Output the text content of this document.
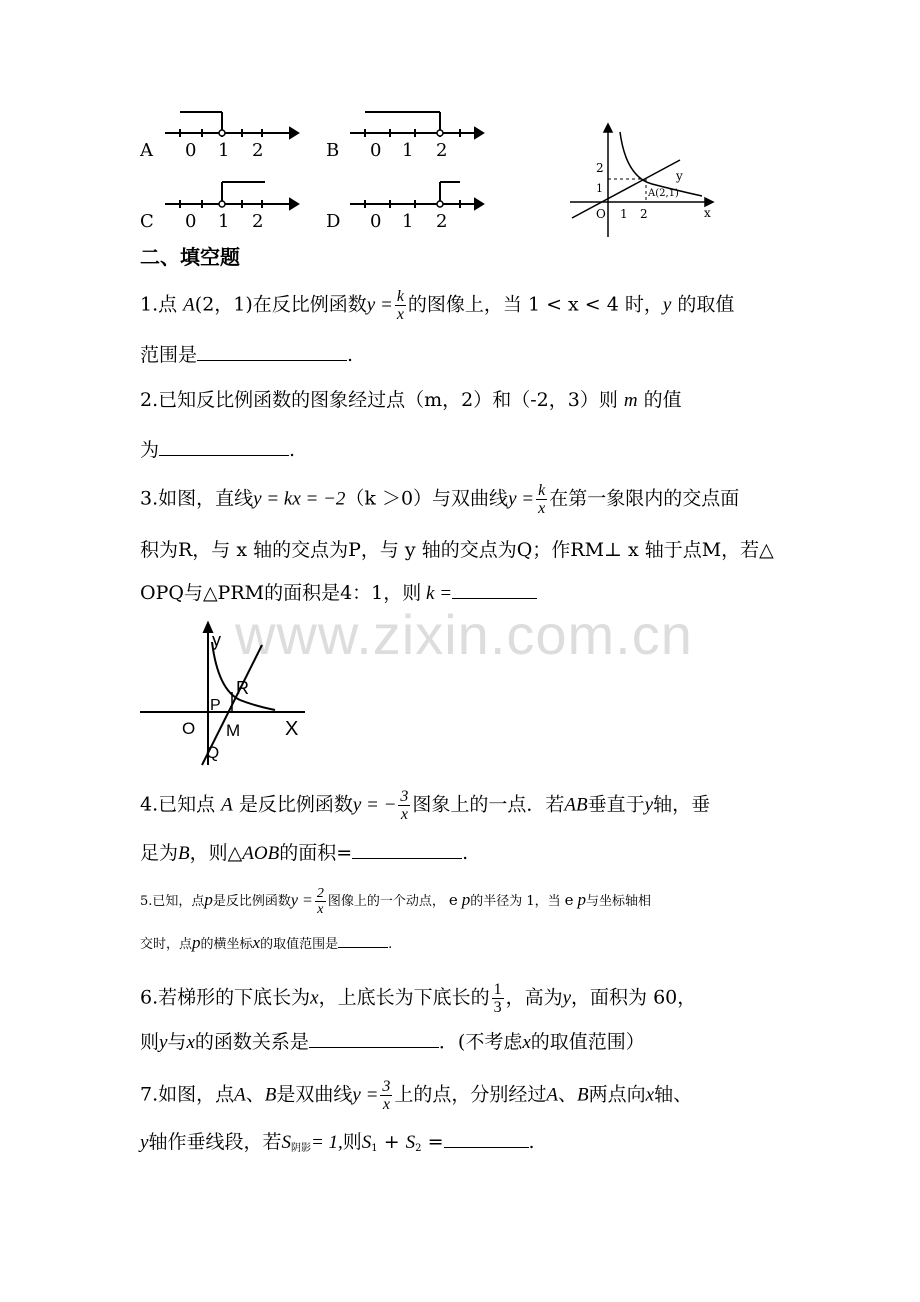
A 0 1 2	B 0 1 2
C 0 1 2	D 0 1 2
y
x
O 1 2
1
2
A(2,1)
二、填空题
1.点 A(2，1)在反比例函数$y = \frac{k}{x}$ 的图像上，当 1 < x < 4 时，y 的取值
范围是	.
2.已知反比例函数的图象经过点（m，2）和（-2，3）则 m 的值
为	.
3.如图，直线y = kx = −2（k ＞0）与双曲线$y = \frac{k}{x}$ 在第一象限内的交点面
积为R，与 x 轴的交点为P，与 y 轴的交点为Q；作RM⊥ x 轴于点M，若△
OPQ与△PRM的面积是4：1，则 k =
www.zixin.com.cn
y
X
O
P
R
M
Q
4.已知点 A 是反比例函数y = − $\frac{3}{x}$ 图象上的一点．若AB垂直于y轴，垂
足为B，则△AOB的面积=	.
5.已知，点p是反比例函数$y = \frac{2}{x}$ 图像上的一个动点， e p的半径为 1，当 e p与坐标轴相
交时，点p的横坐标x的取值范围是	.
6.若梯形的下底长为x，上底长为下底长的 $\frac{1}{3}$ ，高为y，面积为 60，
则y与x的函数关系是	．(不考虑x的取值范围）
7.如图，点A、B是双曲线$y = \frac{3}{x}$ 上的点，分别经过A、B两点向x轴、
y轴作垂线段，若$S_{阴影}= 1$,则$S_1 + S_2$ =	.
